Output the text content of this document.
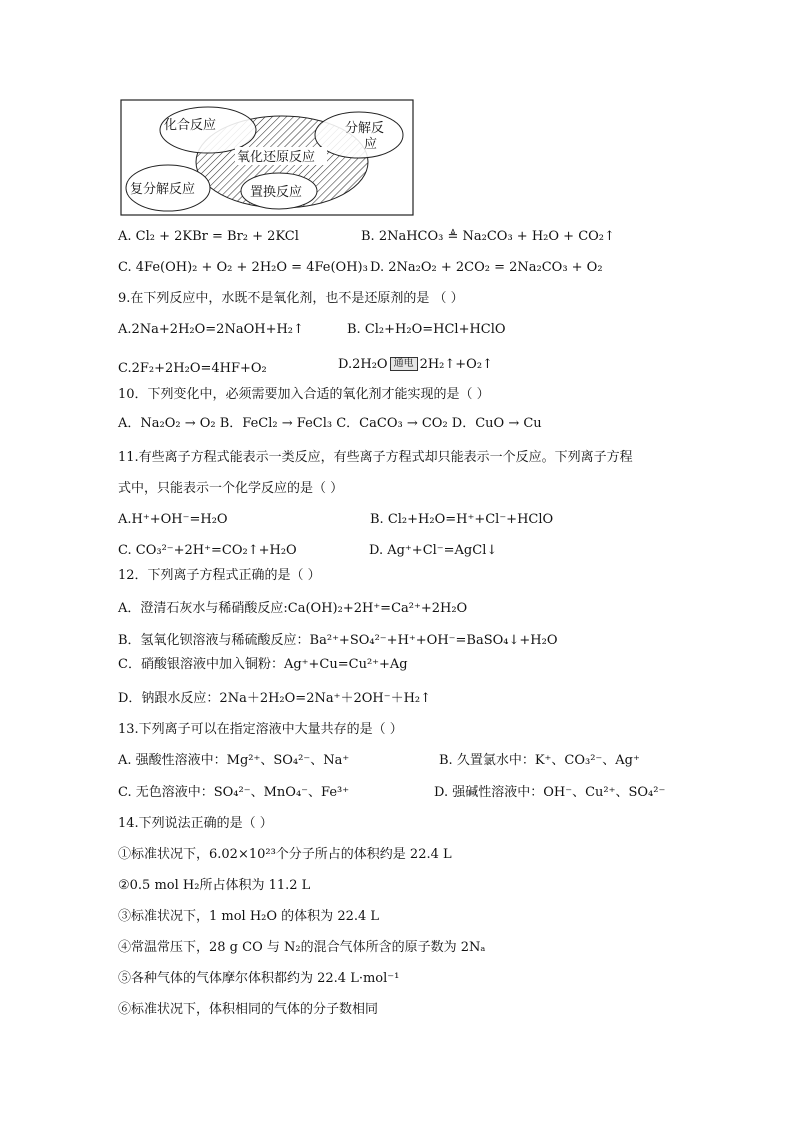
化合反应	分解反
应
氧化还原反应
复分解反应	置换反应
A. Cl₂ + 2KBr = Br₂ + 2KCl	B. 2NaHCO₃ ≜ Na₂CO₃ + H₂O + CO₂↑
C. 4Fe(OH)₂ + O₂ + 2H₂O = 4Fe(OH)₃ D. 2Na₂O₂ + 2CO₂ = 2Na₂CO₃ + O₂
9.在下列反应中，水既不是氧化剂，也不是还原剂的是 （ ）
A.2Na+2H₂O=2NaOH+H₂↑	B. Cl₂+H₂O=HCl+HClO
C.2F₂+2H₂O=4HF+O₂	D.2H₂O 通电 2H₂↑+O₂↑
10．下列变化中，必须需要加入合适的氧化剂才能实现的是（ ）
A．Na₂O₂ → O₂ B．FeCl₂ → FeCl₃ C．CaCO₃ → CO₂ D．CuO → Cu
11.有些离子方程式能表示一类反应，有些离子方程式却只能表示一个反应。下列离子方程
式中，只能表示一个化学反应的是（ ）
A.H⁺+OH⁻=H₂O	B. Cl₂+H₂O=H⁺+Cl⁻+HClO
C. CO₃²⁻+2H⁺=CO₂↑+H₂O	D. Ag⁺+Cl⁻=AgCl↓
12．下列离子方程式正确的是（ ）
A．澄清石灰水与稀硝酸反应:Ca(OH)₂+2H⁺=Ca²⁺+2H₂O
B．氢氧化钡溶液与稀硫酸反应：Ba²⁺+SO₄²⁻+H⁺+OH⁻=BaSO₄↓+H₂O
C．硝酸银溶液中加入铜粉：Ag⁺+Cu=Cu²⁺+Ag
D．钠跟水反应：2Na＋2H₂O=2Na⁺＋2OH⁻＋H₂↑
13.下列离子可以在指定溶液中大量共存的是（ ）
A. 强酸性溶液中：Mg²⁺、SO₄²⁻、Na⁺	B. 久置氯水中：K⁺、CO₃²⁻、Ag⁺
C. 无色溶液中：SO₄²⁻、MnO₄⁻、Fe³⁺	D. 强碱性溶液中：OH⁻、Cu²⁺、SO₄²⁻
14.下列说法正确的是（ ）
①标准状况下，6.02×10²³个分子所占的体积约是 22.4 L
②0.5 mol H₂所占体积为 11.2 L
③标准状况下，1 mol H₂O 的体积为 22.4 L
④常温常压下，28 g CO 与 N₂的混合气体所含的原子数为 2Nₐ
⑤各种气体的气体摩尔体积都约为 22.4 L·mol⁻¹
⑥标准状况下，体积相同的气体的分子数相同
